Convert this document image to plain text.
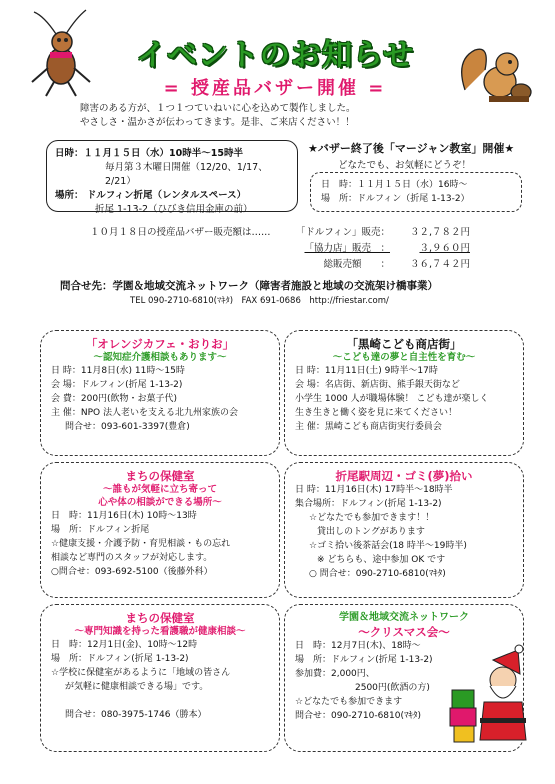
イベントのお知らせ
= 授産品バザー開催 =
障害のある方が、１つ１つていねいに心を込めて製作しました。
やさしさ・温かさが伝わってきます。是非、ご来店ください！！
日時：１１月１５日（水）10時半〜15時半
毎月第３木曜日開催（12/20、1/17、2/21）
場所： ドルフィン折尾（レンタルスペース）
折尾 1-13-2（ひびき信用金庫の前）
★バザー終了後「マージャン教室」開催★
どなたでも、お気軽にどうぞ！
日　時：１１月１５日（水）16時〜
場　所：ドルフィン（折尾 1-13-2）
１０月１８日の授産品バザー販売額は‥‥‥	「ドルフィン」販売：	３２,７８２円
「協力店」販売　：	３,９６０円
総販売額　　：	３６,７４２円
問合せ先：学園＆地域交流ネットワーク（障害者施設と地域の交流架け橋事業）
TEL 090-2710-6810(ﾏｷﾀ)　FAX 691-0686　http://friestar.com/
「オレンジカフェ・おりお」
〜認知症介護相談もあります〜
日 時：11月8日(水) 11時〜15時
会 場：ドルフィン(折尾 1-13-2)
会 費：200円(飲物・お菓子代)
主 催：NPO 法人老いを支える北九州家族の会
問合せ：093-601-3397(豊倉)
「黒崎こども商店街」
〜こども達の夢と自主性を育む〜
日 時：11月11日(土) 9時半〜17時
会 場：名店街、新店街、熊手銀天街など
小学生 1000 人が職場体験！ こども達が楽しく
生き生きと働く姿を見に来てください！
主 催：黒崎こども商店街実行委員会
まちの保健室
〜誰もが気軽に立ち寄って
心や体の相談ができる場所〜
日　時：11月16日(木) 10時〜13時
場　所：ドルフィン折尾
☆健康支援・介護予防・育児相談・もの忘れ
相談など専門のスタッフが対応します。
○問合せ：093-692-5100（後藤外科）
折尾駅周辺・ゴミ(夢)拾い
日 時：11月16日(木) 17時半〜18時半
集合場所：ドルフィン(折尾 1-13-2)
☆どなたでも参加できます！！
貸出しのトングがあります
☆ゴミ拾い後茶話会(18 時半〜19時半)
※ どちらも、途中参加 OK です
○ 問合せ：090-2710-6810(ﾏｷﾀ)
まちの保健室
〜専門知識を持った看護職が健康相談〜
日　時：12月1日(金)、10時〜12時
場　所：ドルフィン(折尾 1-13-2)
☆学校に保健室があるように「地域の皆さん
が気軽に健康相談できる場」です。
問合せ：080-3975-1746（勝本）
学園＆地域交流ネットワーク
〜クリスマス会〜
日　時：12月7日(木)、18時〜
場　所：ドルフィン(折尾 1-13-2)
参加費：2,000円、
2500円(飲酒の方)
☆どなたでも参加できます
問合せ：090-2710-6810(ﾏｷﾀ)
